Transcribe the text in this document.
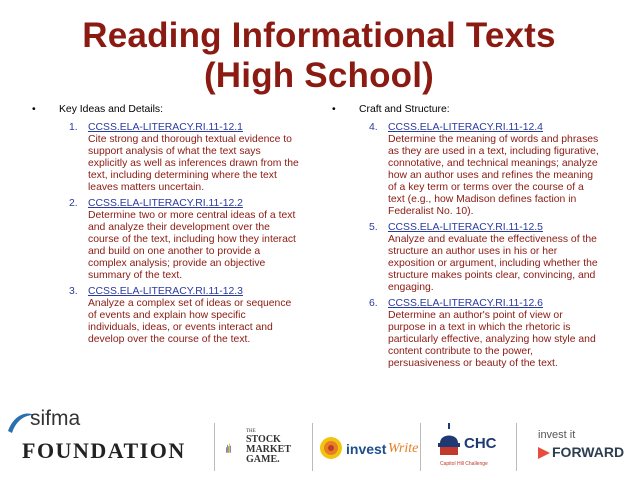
Reading Informational Texts
(High School)
• Key Ideas and Details:
1. CCSS.ELA-LITERACY.RI.11-12.1
Cite strong and thorough textual evidence to
support analysis of what the text says
explicitly as well as inferences drawn from the
text, including determining where the text
leaves matters uncertain.
2. CCSS.ELA-LITERACY.RI.11-12.2
Determine two or more central ideas of a text
and analyze their development over the
course of the text, including how they interact
and build on one another to provide a
complex analysis; provide an objective
summary of the text.
3. CCSS.ELA-LITERACY.RI.11-12.3
Analyze a complex set of ideas or sequence
of events and explain how specific
individuals, ideas, or events interact and
develop over the course of the text.
• Craft and Structure:
4. CCSS.ELA-LITERACY.RI.11-12.4
Determine the meaning of words and phrases
as they are used in a text, including figurative,
connotative, and technical meanings; analyze
how an author uses and refines the meaning
of a key term or terms over the course of a
text (e.g., how Madison defines faction in
Federalist No. 10).
5. CCSS.ELA-LITERACY.RI.11-12.5
Analyze and evaluate the effectiveness of the
structure an author uses in his or her
exposition or argument, including whether the
structure makes points clear, convincing, and
engaging.
6. CCSS.ELA-LITERACY.RI.11-12.6
Determine an author's point of view or
purpose in a text in which the rhetoric is
particularly effective, analyzing how style and
content contribute to the power,
persuasiveness or beauty of the text.
sifma
FOUNDATION
THE
STOCK
MARKET
GAME.
invest Write	CHC
Capitol Hill Challenge
invest it
FORWARD
